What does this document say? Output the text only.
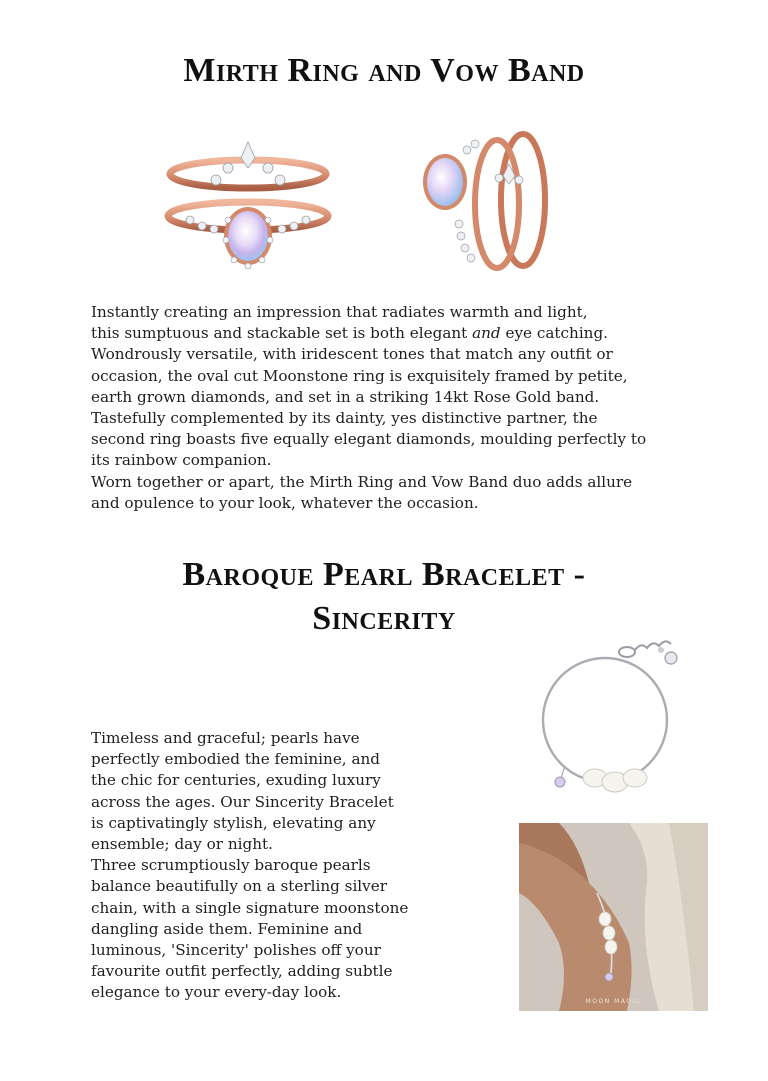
Mirth Ring and Vow Band

Instantly creating an impression that radiates warmth and light,
this sumptuous and stackable set is both elegant and eye catching. Wondrously versatile, with iridescent tones that match any outfit or occasion, the oval cut Moonstone ring is exquisitely framed by petite, earth grown diamonds, and set in a striking 14kt Rose Gold band.
Tastefully complemented by its dainty, yes distinctive partner, the second ring boasts five equally elegant diamonds, moulding perfectly to its rainbow companion.
Worn together or apart, the Mirth Ring and Vow Band duo adds allure and opulence to your look, whatever the occasion.

Baroque Pearl Bracelet -
Sincerity

Timeless and graceful; pearls have perfectly embodied the feminine, and the chic for centuries, exuding luxury across the ages. Our Sincerity Bracelet is captivatingly stylish, elevating any ensemble; day or night.
Three scrumptiously baroque pearls balance beautifully on a sterling silver chain, with a single signature moonstone dangling aside them. Feminine and luminous, 'Sincerity' polishes off your favourite outfit perfectly, adding subtle elegance to your every-day look.

MOON MAGIC
